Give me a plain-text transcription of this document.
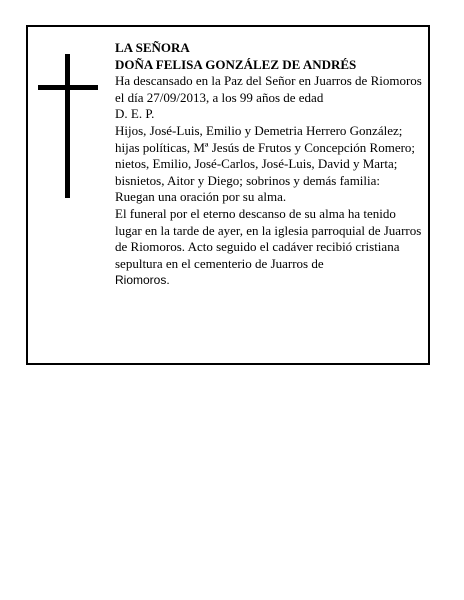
LA SEÑORA

DOÑA FELISA GONZÁLEZ DE ANDRÉS

Ha descansado en la Paz del Señor en Juarros de Riomoros el día 27/09/2013, a los 99 años de edad

D. E. P.

Hijos, José-Luis, Emilio y Demetria Herrero González; hijas políticas, Mª Jesús de Frutos y Concepción Romero; nietos, Emilio, José-Carlos, José-Luis, David y Marta; bisnietos, Aitor y Diego; sobrinos y demás familia:

Ruegan una oración por su alma.

El funeral por el eterno descanso de su alma ha tenido lugar en la tarde de ayer, en la iglesia parroquial de Juarros de Riomoros. Acto seguido el cadáver recibió cristiana sepultura en el cementerio de Juarros de

Riomoros.
